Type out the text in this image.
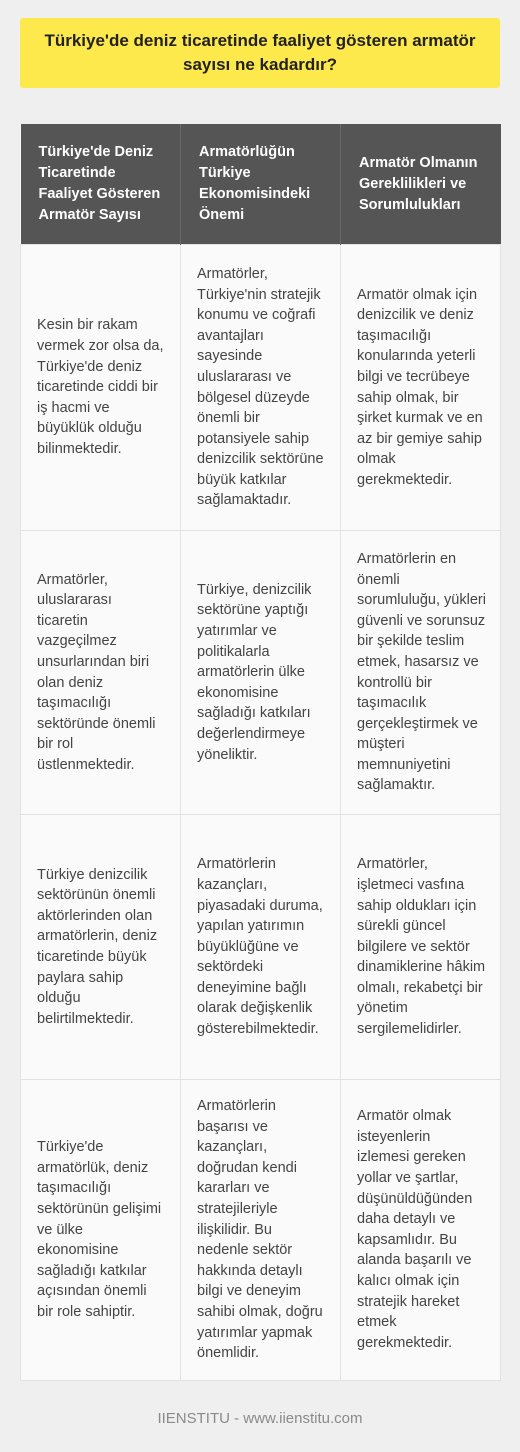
Türkiye'de deniz ticaretinde faaliyet gösteren armatör sayısı ne kadardır?
Türkiye'de Deniz Ticaretinde Faaliyet Gösteren Armatör Sayısı	Armatörlüğün Türkiye Ekonomisindeki Önemi	Armatör Olmanın Gereklilikleri ve Sorumlulukları
Kesin bir rakam vermek zor olsa da, Türkiye'de deniz ticaretinde ciddi bir iş hacmi ve büyüklük olduğu bilinmektedir.	Armatörler, Türkiye'nin stratejik konumu ve coğrafi avantajları sayesinde uluslararası ve bölgesel düzeyde önemli bir potansiyele sahip denizcilik sektörüne büyük katkılar sağlamaktadır.	Armatör olmak için denizcilik ve deniz taşımacılığı konularında yeterli bilgi ve tecrübeye sahip olmak, bir şirket kurmak ve en az bir gemiye sahip olmak gerekmektedir.
Armatörler, uluslararası ticaretin vazgeçilmez unsurlarından biri olan deniz taşımacılığı sektöründe önemli bir rol üstlenmektedir.	Türkiye, denizcilik sektörüne yaptığı yatırımlar ve politikalarla armatörlerin ülke ekonomisine sağladığı katkıları değerlendirmeye yöneliktir.	Armatörlerin en önemli sorumluluğu, yükleri güvenli ve sorunsuz bir şekilde teslim etmek, hasarsız ve kontrollü bir taşımacılık gerçekleştirmek ve müşteri memnuniyetini sağlamaktır.
Türkiye denizcilik sektörünün önemli aktörlerinden olan armatörlerin, deniz ticaretinde büyük paylara sahip olduğu belirtilmektedir.	Armatörlerin kazançları, piyasadaki duruma, yapılan yatırımın büyüklüğüne ve sektördeki deneyimine bağlı olarak değişkenlik gösterebilmektedir.	Armatörler, işletmeci vasfına sahip oldukları için sürekli güncel bilgilere ve sektör dinamiklerine hâkim olmalı, rekabetçi bir yönetim sergilemelidirler.
Türkiye'de armatörlük, deniz taşımacılığı sektörünün gelişimi ve ülke ekonomisine sağladığı katkılar açısından önemli bir role sahiptir.	Armatörlerin başarısı ve kazançları, doğrudan kendi kararları ve stratejileriyle ilişkilidir. Bu nedenle sektör hakkında detaylı bilgi ve deneyim sahibi olmak, doğru yatırımlar yapmak önemlidir.	Armatör olmak isteyenlerin izlemesi gereken yollar ve şartlar, düşünüldüğünden daha detaylı ve kapsamlıdır. Bu alanda başarılı ve kalıcı olmak için stratejik hareket etmek gerekmektedir.
IIENSTITU - www.iienstitu.com
